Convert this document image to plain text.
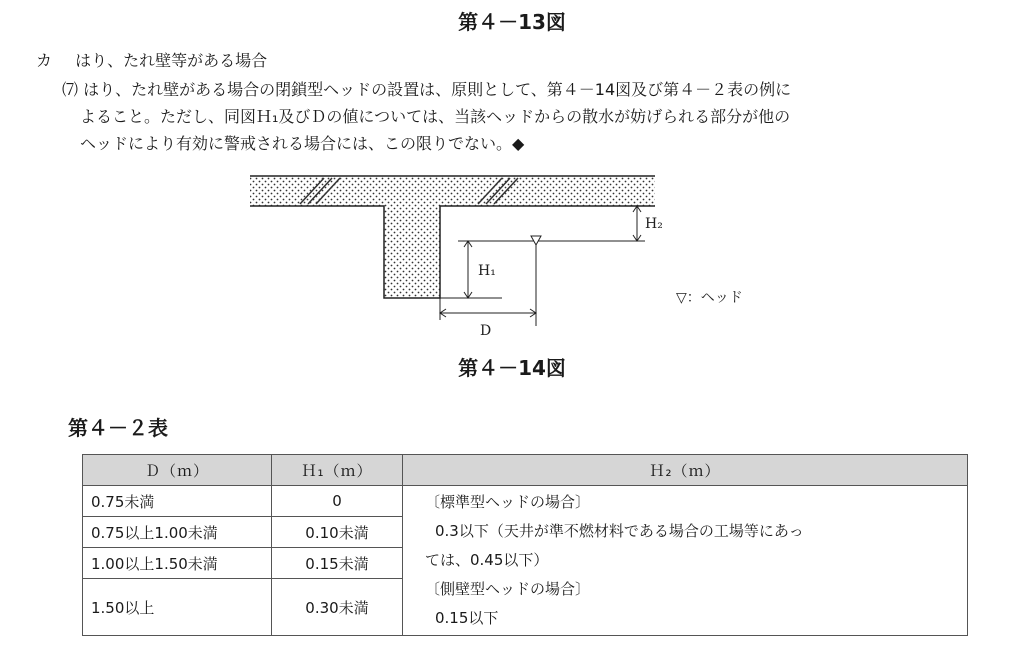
第４－13図
カ はり、たれ壁等がある場合
⑺ はり、たれ壁がある場合の閉鎖型ヘッドの設置は、原則として、第４－14図及び第４－２表の例に
よること。ただし、同図Ｈ₁及びＤの値については、当該ヘッドからの散水が妨げられる部分が他の
ヘッドにより有効に警戒される場合には、この限りでない。◆
H₂
H₁
D
▽：ヘッド
第４－14図
第４－２表
Ｄ（ｍ）	Ｈ₁（ｍ）	Ｈ₂（ｍ）
0.75未満	0	〔標準型ヘッドの場合〕
0.3以下（天井が準不燃材料である場合の工場等にあっ
ては、0.45以下）
〔側壁型ヘッドの場合〕
0.15以下

0.75以上1.00未満	0.10未満	
1.00以上1.50未満	0.15未満	
1.50以上	0.30未満	
